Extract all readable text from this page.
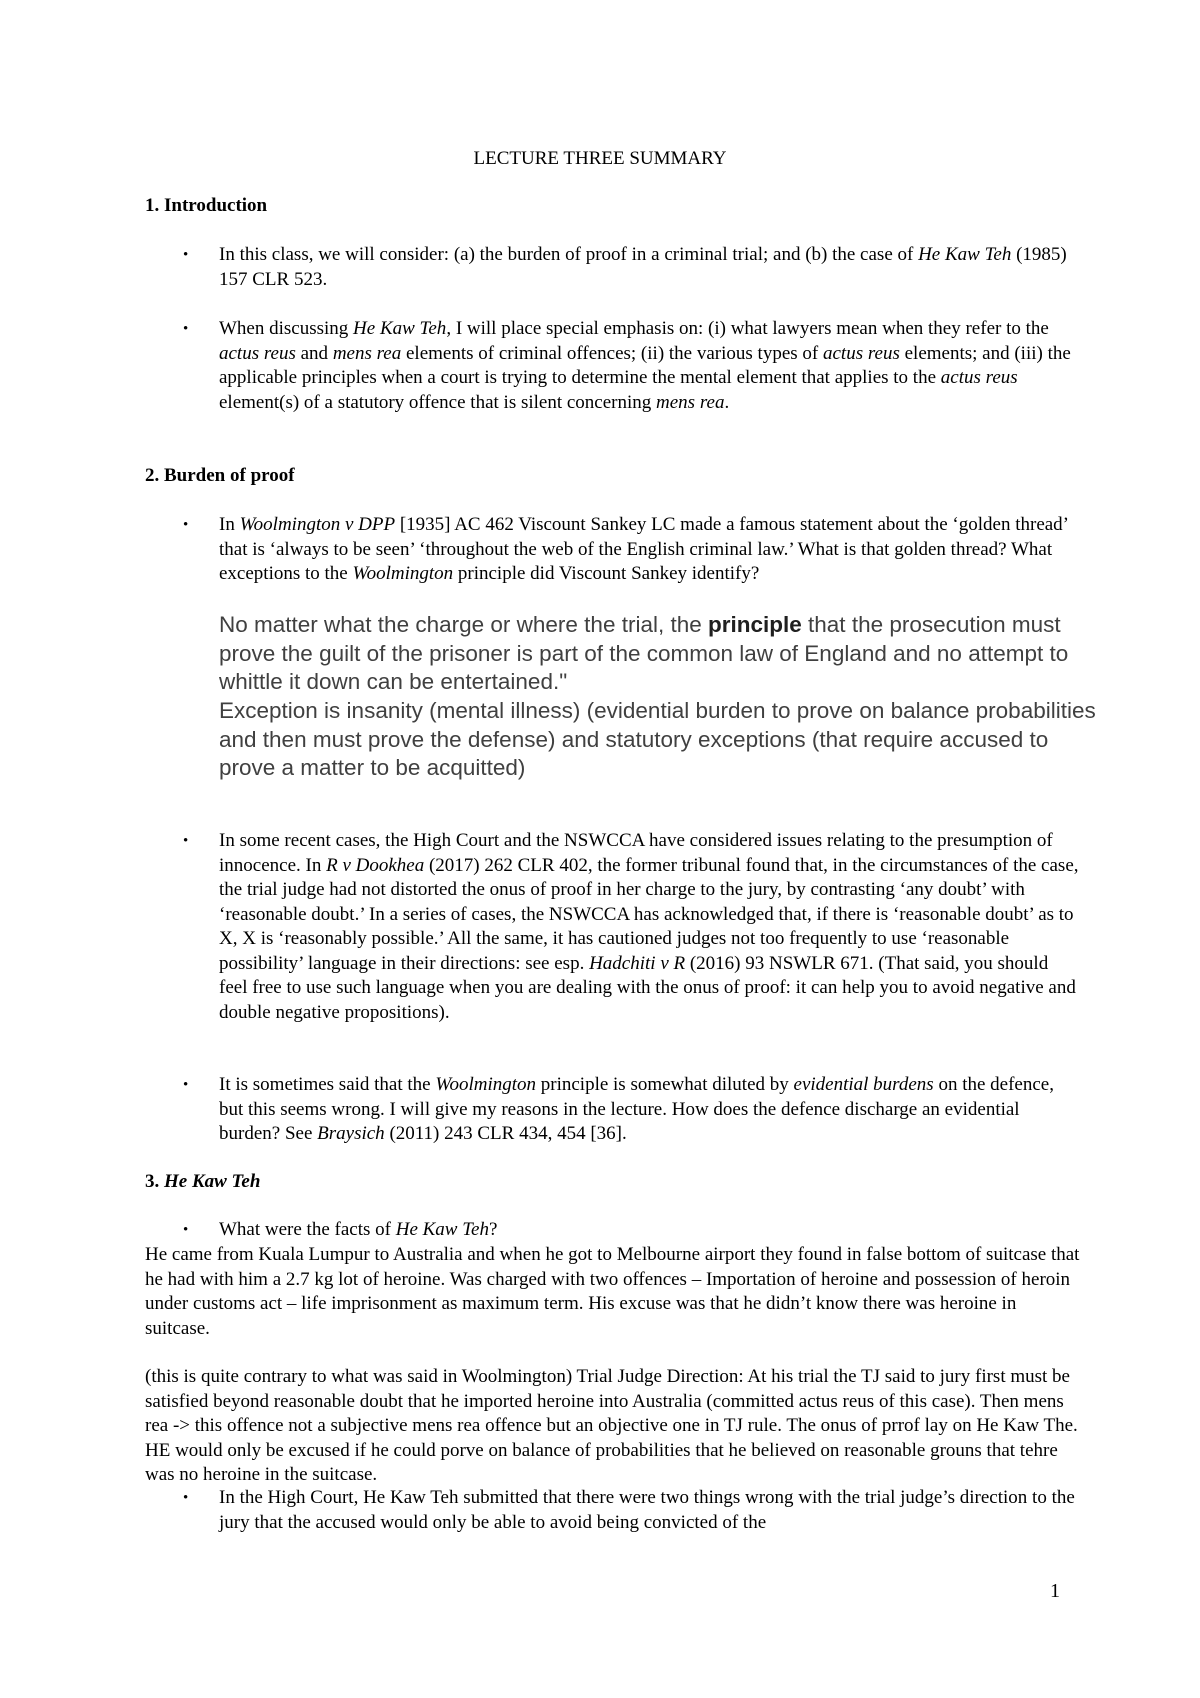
LECTURE THREE SUMMARY
1. Introduction
•	In this class, we will consider: (a) the burden of proof in a criminal trial; and (b) the case of He Kaw Teh (1985) 157 CLR 523.

•	When discussing He Kaw Teh, I will place special emphasis on: (i) what lawyers mean when they refer to the actus reus and mens rea elements of criminal offences; (ii) the various types of actus reus elements; and (iii) the applicable principles when a court is trying to determine the mental element that applies to the actus reus element(s) of a statutory offence that is silent concerning mens rea.

2. Burden of proof
•	In Woolmington v DPP [1935] AC 462 Viscount Sankey LC made a famous statement about the ‘golden thread’ that is ‘always to be seen’ ‘throughout the web of the English criminal law.’ What is that golden thread? What exceptions to the Woolmington principle did Viscount Sankey identify?

No matter what the charge or where the trial, the principle that the prosecution must prove the guilt of the prisoner is part of the common law of England and no attempt to whittle it down can be entertained."

Exception is insanity (mental illness) (evidential burden to prove on balance probabilities and then must prove the defense) and statutory exceptions (that require accused to prove a matter to be acquitted)

•	In some recent cases, the High Court and the NSWCCA have considered issues relating to the presumption of innocence. In R v Dookhea (2017) 262 CLR 402, the former tribunal found that, in the circumstances of the case, the trial judge had not distorted the onus of proof in her charge to the jury, by contrasting ‘any doubt’ with ‘reasonable doubt.’ In a series of cases, the NSWCCA has acknowledged that, if there is ‘reasonable doubt’ as to X, X is ‘reasonably possible.’ All the same, it has cautioned judges not too frequently to use ‘reasonable possibility’ language in their directions: see esp. Hadchiti v R (2016) 93 NSWLR 671. (That said, you should feel free to use such language when you are dealing with the onus of proof: it can help you to avoid negative and double negative propositions).

•	It is sometimes said that the Woolmington principle is somewhat diluted by evidential burdens on the defence, but this seems wrong. I will give my reasons in the lecture. How does the defence discharge an evidential burden? See Braysich (2011) 243 CLR 434, 454 [36].

3. He Kaw Teh
•	What were the facts of He Kaw Teh?

He came from Kuala Lumpur to Australia and when he got to Melbourne airport they found in false bottom of suitcase that he had with him a 2.7 kg lot of heroine. Was charged with two offences – Importation of heroine and possession of heroin under customs act – life imprisonment as maximum term. His excuse was that he didn’t know there was heroine in suitcase.

(this is quite contrary to what was said in Woolmington) Trial Judge Direction: At his trial the TJ said to jury first must be satisfied beyond reasonable doubt that he imported heroine into Australia (committed actus reus of this case). Then mens rea -> this offence not a subjective mens rea offence but an objective one in TJ rule. The onus of prrof lay on He Kaw The. HE would only be excused if he could porve on balance of probabilities that he believed on reasonable grouns that tehre was no heroine in the suitcase.

•	In the High Court, He Kaw Teh submitted that there were two things wrong with the trial judge’s direction to the jury that the accused would only be able to avoid being convicted of the

1
